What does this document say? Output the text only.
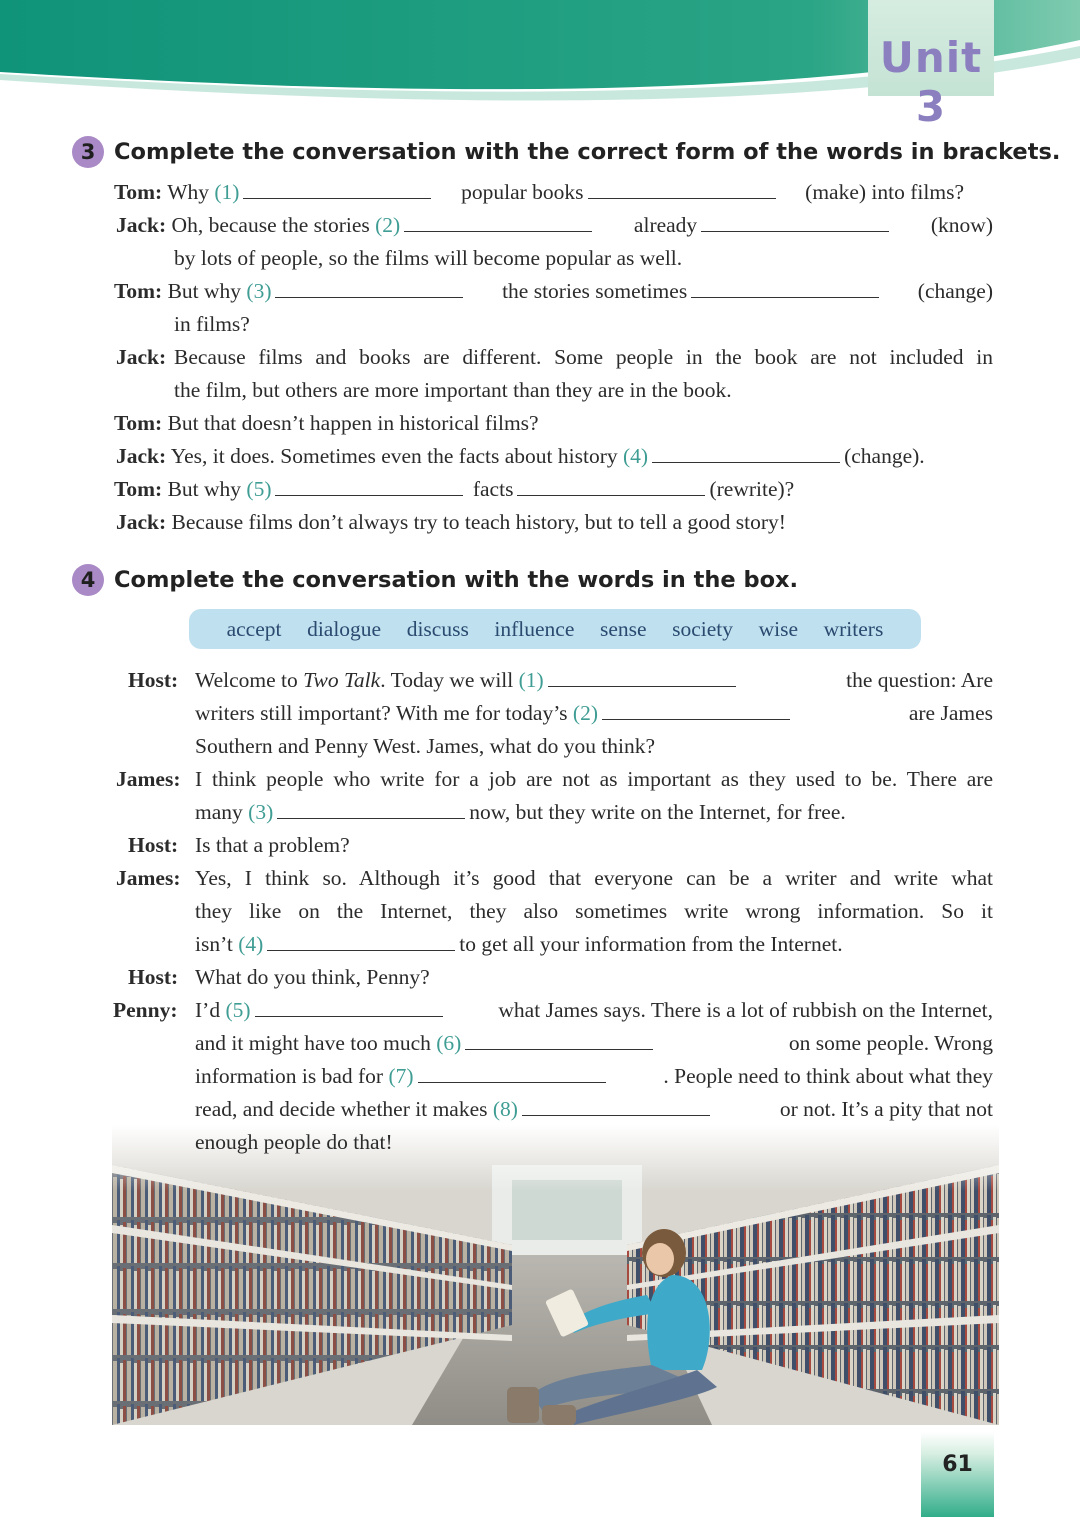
Unit 3
3 Complete the conversation with the correct form of the words in brackets.
Tom: Why (1)	popular books	(make) into films?
Jack: Oh, because the stories (2)	already	(know)
by lots of people, so the films will become popular as well.
Tom: But why (3)	the stories sometimes	(change)
in films?
Jack: Because films and books are different. Some people in the book are not included in
the film, but others are more important than they are in the book.
Tom: But that doesn’t happen in historical films?
Jack: Yes, it does. Sometimes even the facts about history (4)	(change).
Tom: But why (5)	facts	(rewrite)?
Jack: Because films don’t always try to teach history, but to tell a good story!
4 Complete the conversation with the words in the box.
accept dialogue discuss influence sense society wise writers
Host: Welcome to Two Talk. Today we will (1)	the question: Are
writers still important? With me for today’s (2)	are James
Southern and Penny West. James, what do you think?
James: I think people who write for a job are not as important as they used to be. There are
many (3)	now, but they write on the Internet, for free.
Host: Is that a problem?
James: Yes, I think so. Although it’s good that everyone can be a writer and write what
they like on the Internet, they also sometimes write wrong information. So it
isn’t (4)	to get all your information from the Internet.
Host: What do you think, Penny?
Penny: I’d (5)	what James says. There is a lot of rubbish on the Internet,
and it might have too much (6)	on some people. Wrong
information is bad for (7)	. People need to think about what they
read, and decide whether it makes (8)	or not. It’s a pity that not
enough people do that!
61
